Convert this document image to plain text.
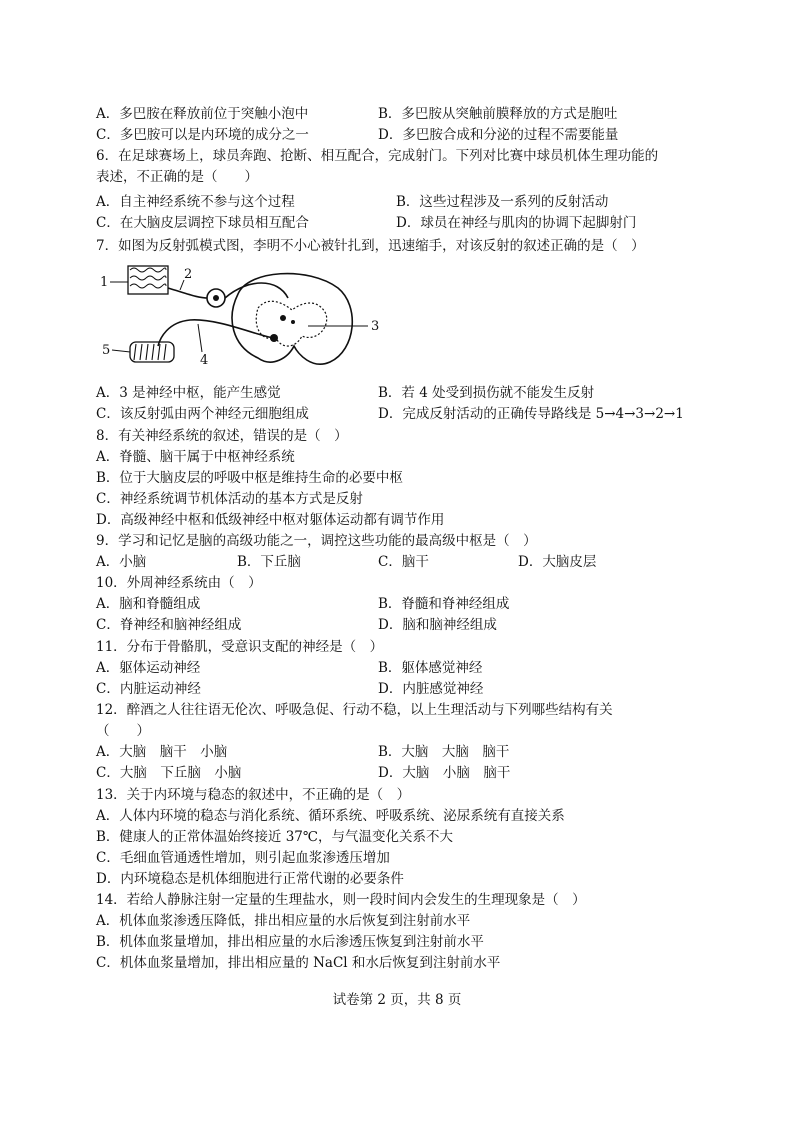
A．多巴胺在释放前位于突触小泡中	B．多巴胺从突触前膜释放的方式是胞吐
C．多巴胺可以是内环境的成分之一	D．多巴胺合成和分泌的过程不需要能量
6．在足球赛场上，球员奔跑、抢断、相互配合，完成射门。下列对比赛中球员机体生理功能的
表述，不正确的是（　　）
A．自主神经系统不参与这个过程	B．这些过程涉及一系列的反射活动
C．在大脑皮层调控下球员相互配合	D．球员在神经与肌肉的协调下起脚射门
7．如图为反射弧模式图，李明不小心被针扎到，迅速缩手，对该反射的叙述正确的是（　）
1
2
3
4
5
A．3 是神经中枢，能产生感觉	B．若 4 处受到损伤就不能发生反射
C．该反射弧由两个神经元细胞组成	D．完成反射活动的正确传导路线是 5→4→3→2→1
8．有关神经系统的叙述，错误的是（　）
A．脊髓、脑干属于中枢神经系统
B．位于大脑皮层的呼吸中枢是维持生命的必要中枢
C．神经系统调节机体活动的基本方式是反射
D．高级神经中枢和低级神经中枢对躯体运动都有调节作用
9．学习和记忆是脑的高级功能之一，调控这些功能的最高级中枢是（　）
A．小脑	B．下丘脑	C．脑干	D．大脑皮层
10．外周神经系统由（　）
A．脑和脊髓组成	B．脊髓和脊神经组成
C．脊神经和脑神经组成	D．脑和脑神经组成
11．分布于骨骼肌，受意识支配的神经是（　）
A．躯体运动神经	B．躯体感觉神经
C．内脏运动神经	D．内脏感觉神经
12．醉酒之人往往语无伦次、呼吸急促、行动不稳，以上生理活动与下列哪些结构有关
（　　）
A．大脑　脑干　小脑	B．大脑　大脑　脑干
C．大脑　下丘脑　小脑	D．大脑　小脑　脑干
13．关于内环境与稳态的叙述中，不正确的是（　）
A．人体内环境的稳态与消化系统、循环系统、呼吸系统、泌尿系统有直接关系
B．健康人的正常体温始终接近 37℃，与气温变化关系不大
C．毛细血管通透性增加，则引起血浆渗透压增加
D．内环境稳态是机体细胞进行正常代谢的必要条件
14．若给人静脉注射一定量的生理盐水，则一段时间内会发生的生理现象是（　）
A．机体血浆渗透压降低，排出相应量的水后恢复到注射前水平
B．机体血浆量增加，排出相应量的水后渗透压恢复到注射前水平
C．机体血浆量增加，排出相应量的 NaCl 和水后恢复到注射前水平
试卷第 2 页，共 8 页
